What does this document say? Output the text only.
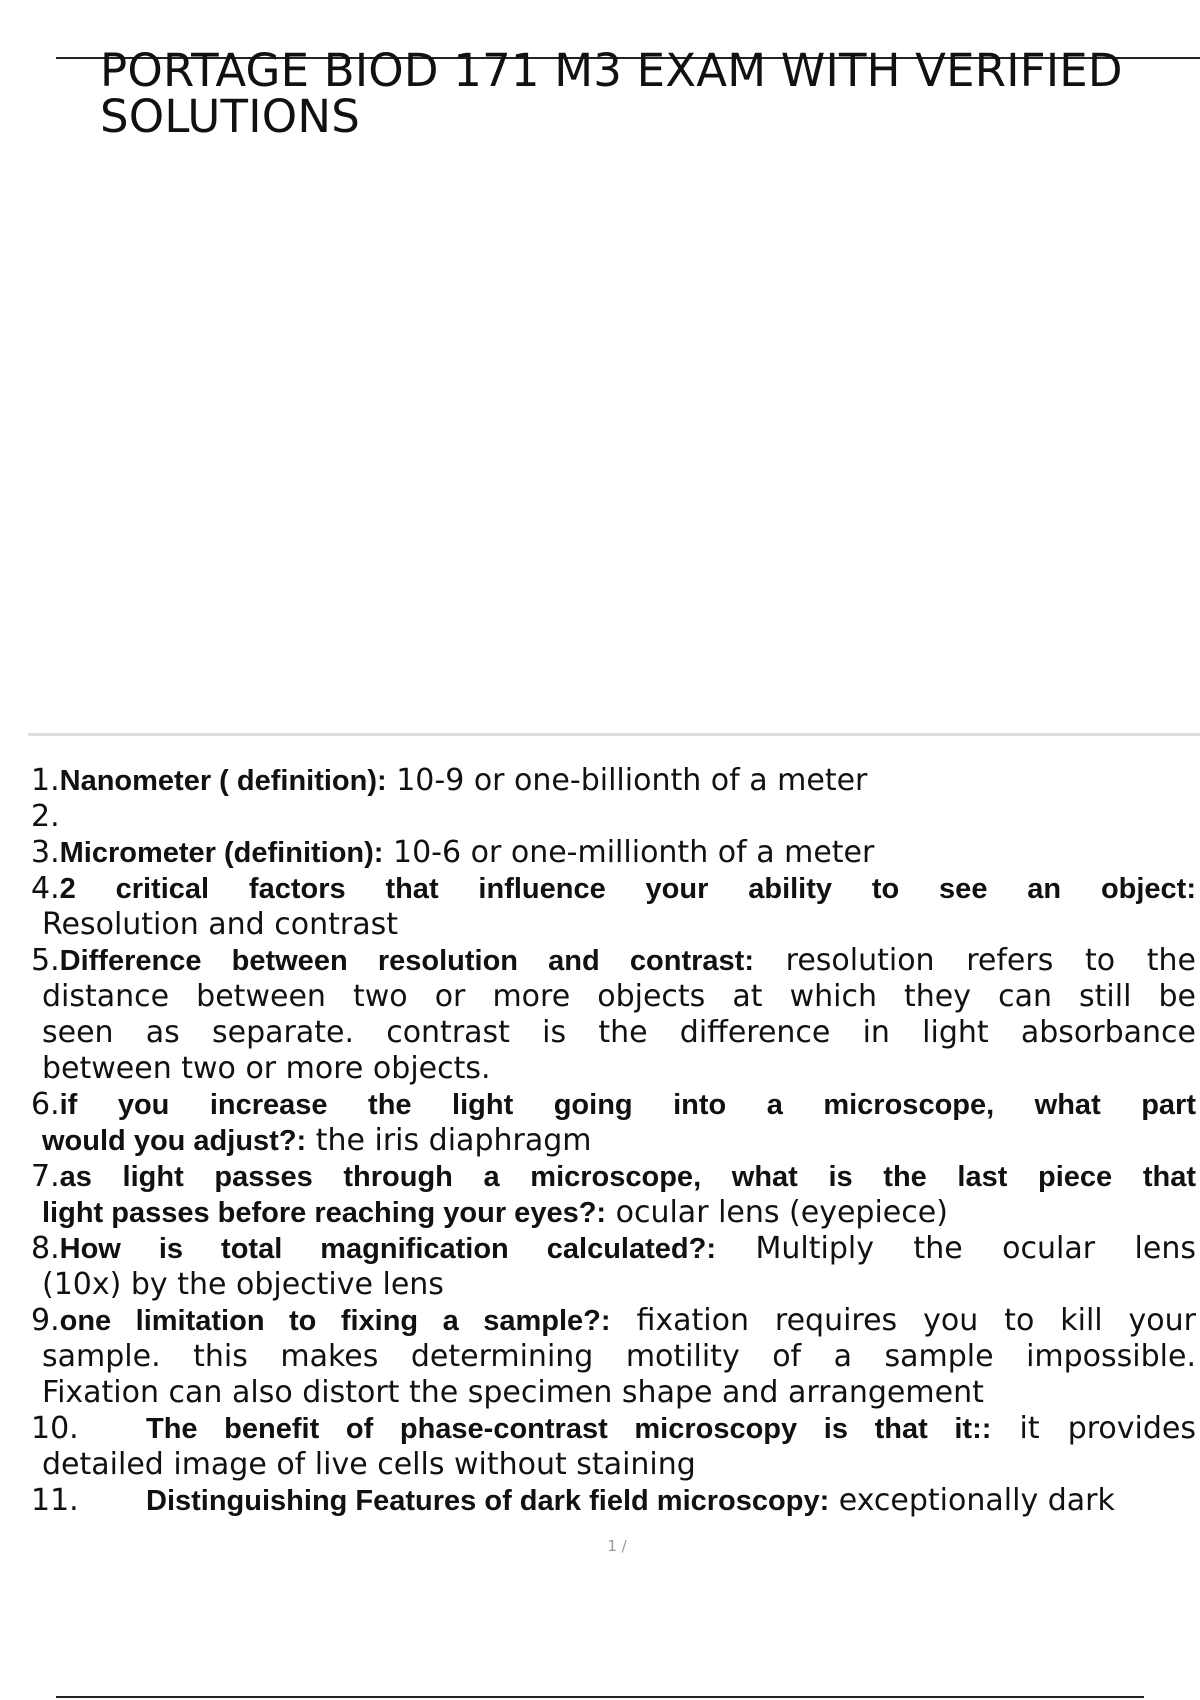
PORTAGE BIOD 171 M3 EXAM WITH VERIFIED
SOLUTIONS
1.Nanometer ( definition): 10-9 or one-billionth of a meter
2.
3.Micrometer (definition): 10-6 or one-millionth of a meter
4.2 critical factors that influence your ability to see an object:
Resolution and contrast
5.Difference between resolution and contrast: resolution refers to the
distance between two or more objects at which they can still be
seen as separate. contrast is the difference in light absorbance
between two or more objects.
6.if you increase the light going into a microscope, what part
would you adjust?: the iris diaphragm
7.as light passes through a microscope, what is the last piece that
light passes before reaching your eyes?: ocular lens (eyepiece)
8.How is total magnification calculated?: Multiply the ocular lens
(10x) by the objective lens
9.one limitation to fixing a sample?: fixation requires you to kill your
sample. this makes determining motility of a sample impossible.
Fixation can also distort the specimen shape and arrangement
10. The benefit of phase-contrast microscopy is that it:: it provides
detailed image of live cells without staining
11. Distinguishing Features of dark field microscopy: exceptionally dark
1 /
